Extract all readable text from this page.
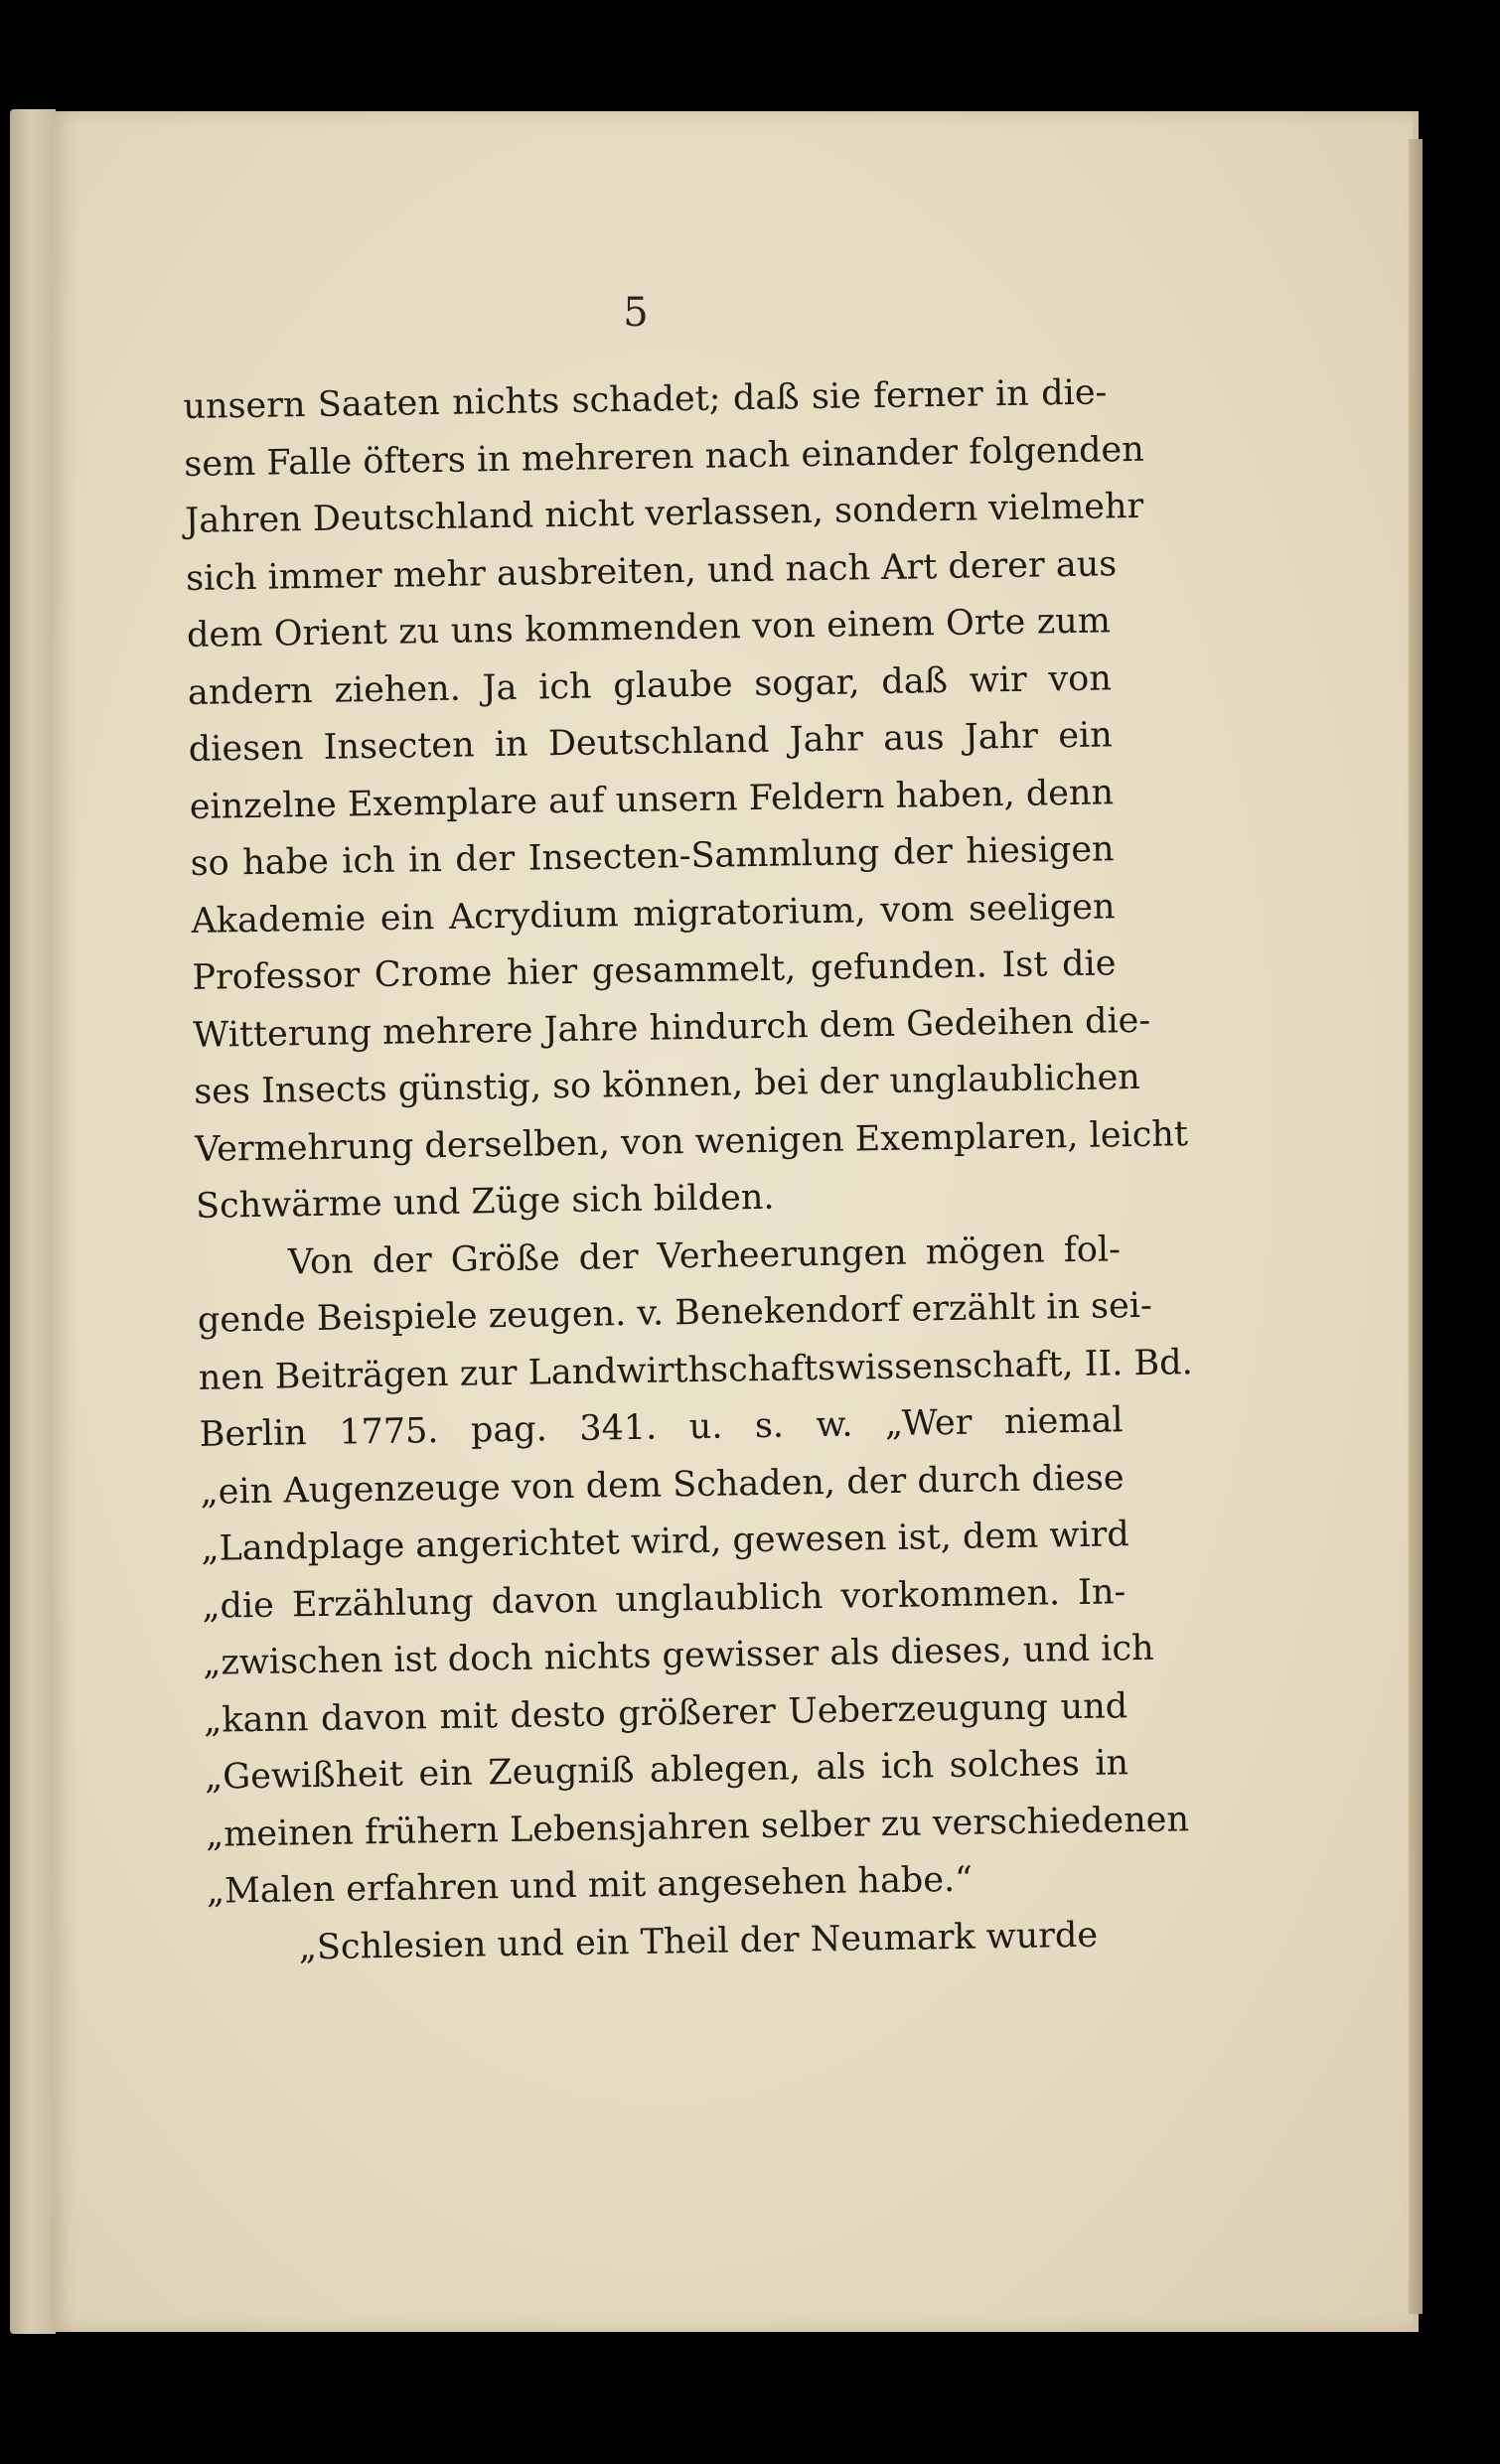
5
unsern Saaten nichts schadet; daß sie ferner in die-
sem Falle öfters in mehreren nach einander folgenden
Jahren Deutschland nicht verlassen, sondern vielmehr
sich immer mehr ausbreiten, und nach Art derer aus
dem Orient zu uns kommenden von einem Orte zum
andern ziehen. Ja ich glaube sogar, daß wir von
diesen Insecten in Deutschland Jahr aus Jahr ein
einzelne Exemplare auf unsern Feldern haben, denn
so habe ich in der Insecten-Sammlung der hiesigen
Akademie ein Acrydium migratorium, vom seeligen
Professor Crome hier gesammelt, gefunden. Ist die
Witterung mehrere Jahre hindurch dem Gedeihen die-
ses Insects günstig, so können, bei der unglaublichen
Vermehrung derselben, von wenigen Exemplaren, leicht
Schwärme und Züge sich bilden.
Von der Größe der Verheerungen mögen fol-
gende Beispiele zeugen. v. Benekendorf erzählt in sei-
nen Beiträgen zur Landwirthschaftswissenschaft, II. Bd.
Berlin 1775. pag. 341. u. s. w. „Wer niemal
„ein Augenzeuge von dem Schaden, der durch diese
„Landplage angerichtet wird, gewesen ist, dem wird
„die Erzählung davon unglaublich vorkommen. In-
„zwischen ist doch nichts gewisser als dieses, und ich
„kann davon mit desto größerer Ueberzeugung und
„Gewißheit ein Zeugniß ablegen, als ich solches in
„meinen frühern Lebensjahren selber zu verschiedenen
„Malen erfahren und mit angesehen habe.“
„Schlesien und ein Theil der Neumark wurde
